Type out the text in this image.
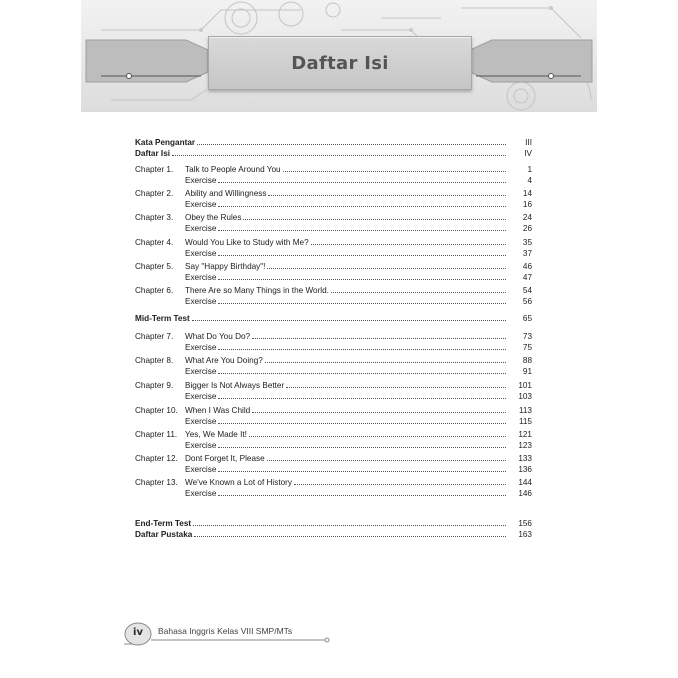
Daftar Isi
Kata Pengantar	III
Daftar Isi	IV
Chapter 1.	Talk to People Around You	1
Exercise	4
Chapter 2.	Ability and Willingness	14
Exercise	16
Chapter 3.	Obey the Rules	24
Exercise	26
Chapter 4.	Would You Like to Study with Me?	35
Exercise	37
Chapter 5.	Say "Happy Birthday"!	46
Exercise	47
Chapter 6.	There Are so Many Things in the World.	54
Exercise	56
Mid-Term Test	65
Chapter 7.	What Do You Do?	73
Exercise	75
Chapter 8.	What Are You Doing?	88
Exercise	91
Chapter 9.	Bigger Is Not Always Better	101
Exercise	103
Chapter 10. When I Was Child	113
Exercise	115
Chapter 11. Yes, We Made It!	121
Exercise	123
Chapter 12. Dont Forget It, Please	133
Exercise	136
Chapter 13. We've Known a Lot of History	144
Exercise	146
End-Term Test	156
Daftar Pustaka	163
iv	Bahasa Inggris Kelas VIII SMP/MTs
